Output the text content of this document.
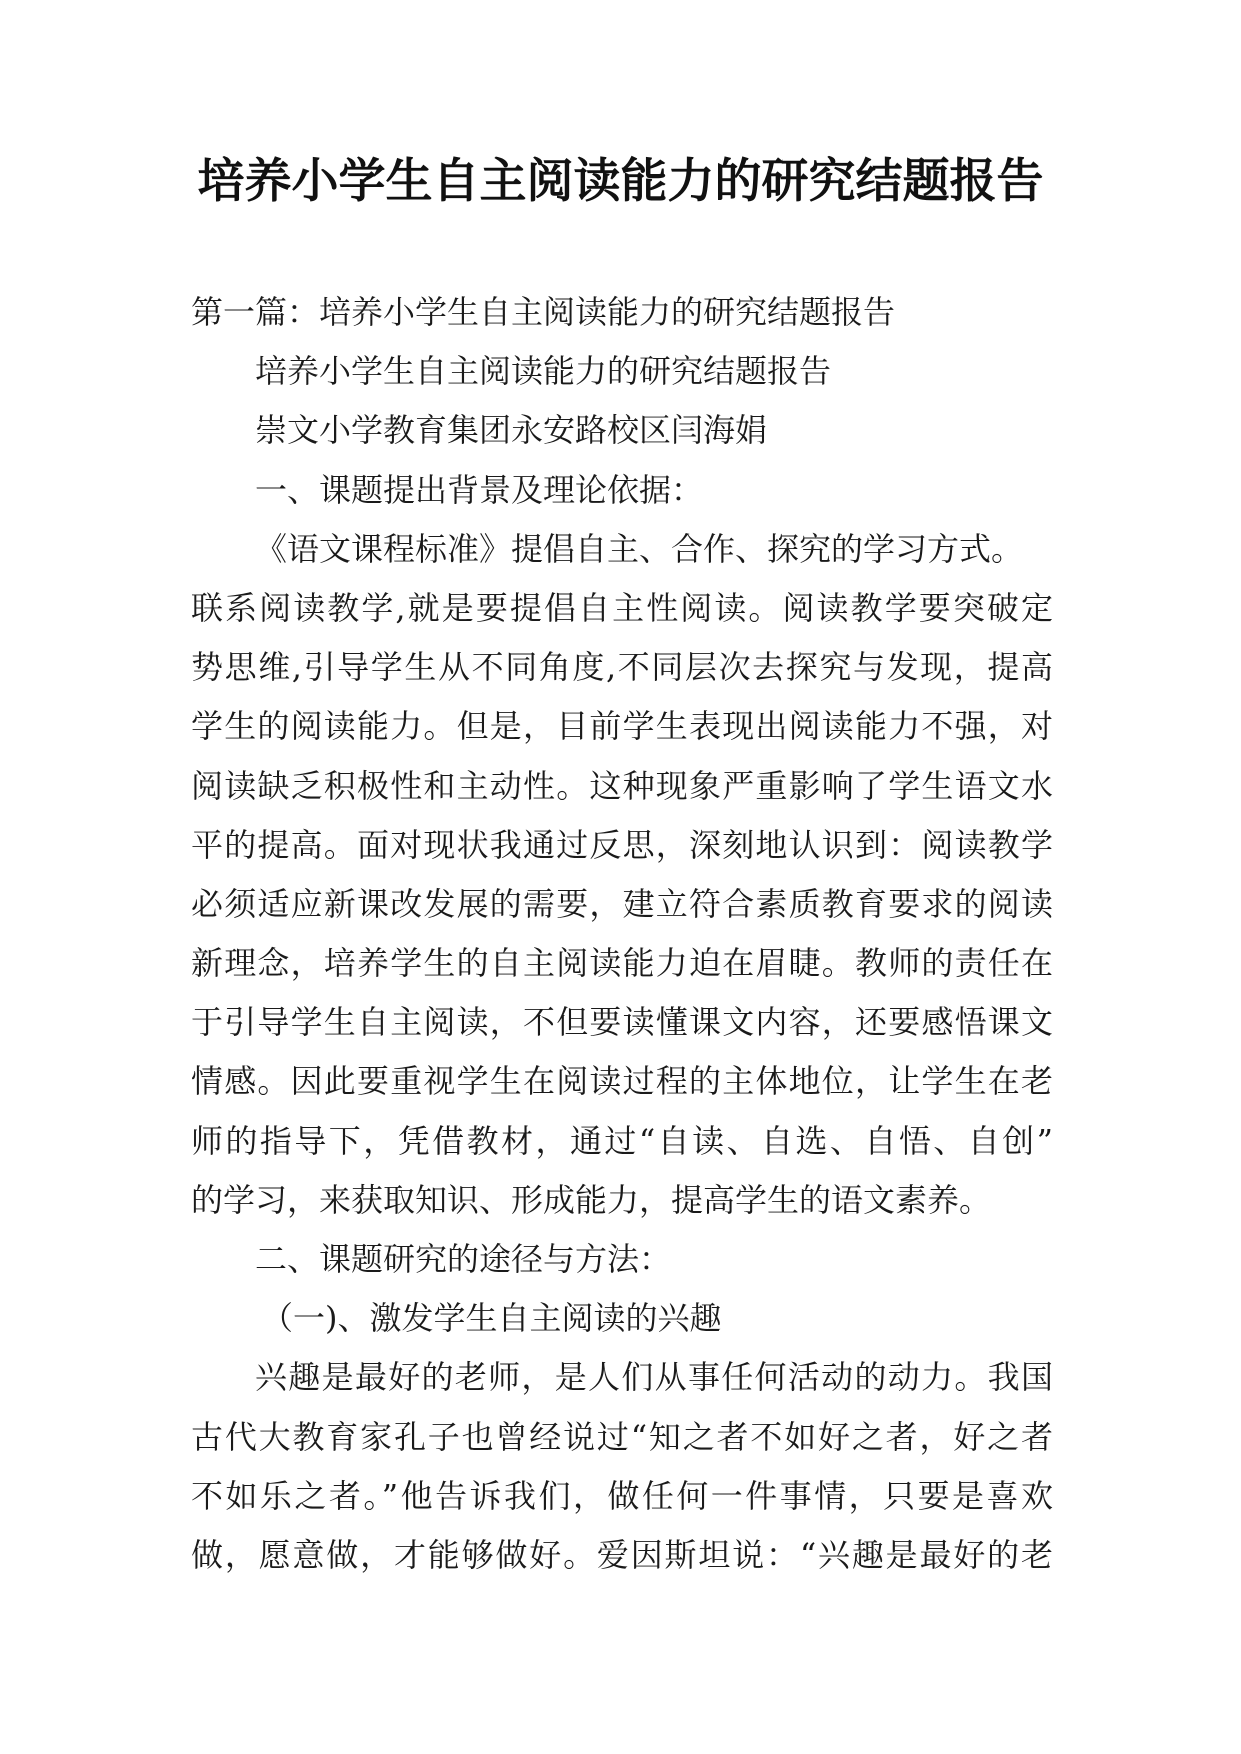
培养小学生自主阅读能力的研究结题报告
第一篇：培养小学生自主阅读能力的研究结题报告
培养小学生自主阅读能力的研究结题报告
崇文小学教育集团永安路校区闫海娟
一、课题提出背景及理论依据：
《语文课程标准》提倡自主、合作、探究的学习方式。
联系阅读教学,就是要提倡自主性阅读。阅读教学要突破定
势思维,引导学生从不同角度,不同层次去探究与发现，提高
学生的阅读能力。但是，目前学生表现出阅读能力不强，对
阅读缺乏积极性和主动性。这种现象严重影响了学生语文水
平的提高。面对现状我通过反思，深刻地认识到：阅读教学
必须适应新课改发展的需要，建立符合素质教育要求的阅读
新理念，培养学生的自主阅读能力迫在眉睫。教师的责任在
于引导学生自主阅读，不但要读懂课文内容，还要感悟课文
情感。因此要重视学生在阅读过程的主体地位，让学生在老
师的指导下，凭借教材，通过“自读、自选、自悟、自创”
的学习，来获取知识、形成能力，提高学生的语文素养。
二、课题研究的途径与方法：
（一)、激发学生自主阅读的兴趣
兴趣是最好的老师，是人们从事任何活动的动力。我国
古代大教育家孔子也曾经说过“知之者不如好之者，好之者
不如乐之者。”他告诉我们，做任何一件事情，只要是喜欢
做，愿意做，才能够做好。爱因斯坦说：“兴趣是最好的老
